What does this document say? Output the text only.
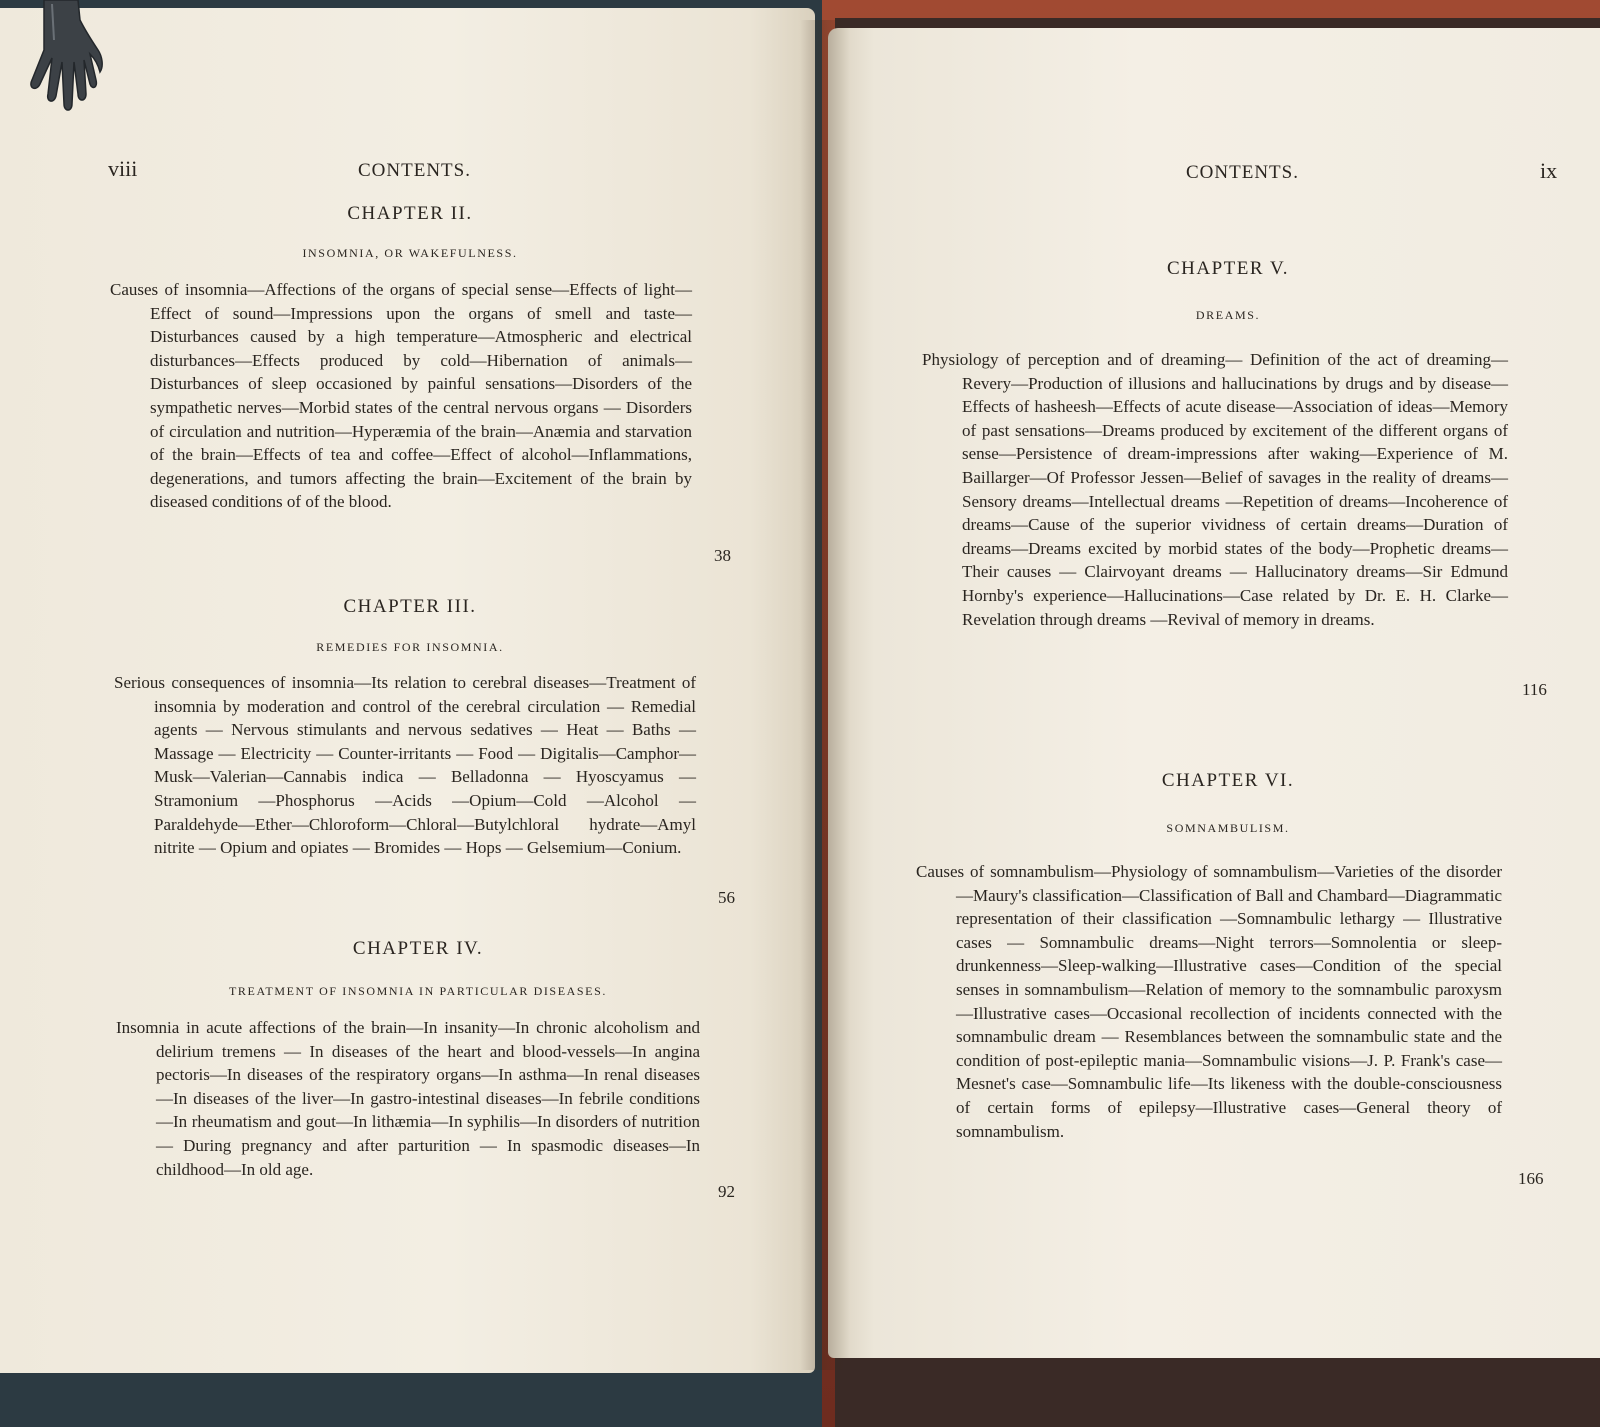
viii	CONTENTS.
CHAPTER II.
INSOMNIA, OR WAKEFULNESS.
Causes of insomnia—Affections of the organs of special sense—Effects of light—Effect of sound—Impressions upon the organs of smell and taste—Disturbances caused by a high temperature—Atmospheric and electrical disturbances—Effects produced by cold—Hibernation of animals—Disturbances of sleep occasioned by painful sensations—Disorders of the sympathetic nerves—Morbid states of the central nervous organs — Disorders of circulation and nutrition—Hyperæmia of the brain—Anæmia and starvation of the brain—Effects of tea and coffee—Effect of alcohol—Inflammations, degenerations, and tumors affecting the brain—Excitement of the brain by diseased conditions of of the blood.
38
CHAPTER III.
REMEDIES FOR INSOMNIA.
Serious consequences of insomnia—Its relation to cerebral diseases—Treatment of insomnia by moderation and control of the cerebral circulation — Remedial agents — Nervous stimulants and nervous sedatives — Heat — Baths — Massage — Electricity — Counter-irritants — Food — Digitalis—Camphor—Musk—Valerian—Cannabis indica — Belladonna — Hyoscyamus — Stramonium —Phosphorus —Acids —Opium—Cold —Alcohol — Paraldehyde—Ether—Chloroform—Chloral—Butylchloral hydrate—Amyl nitrite — Opium and opiates — Bromides — Hops — Gelsemium—Conium.
56
CHAPTER IV.
TREATMENT OF INSOMNIA IN PARTICULAR DISEASES.
Insomnia in acute affections of the brain—In insanity—In chronic alcoholism and delirium tremens — In diseases of the heart and blood-vessels—In angina pectoris—In diseases of the respiratory organs—In asthma—In renal diseases—In diseases of the liver—In gastro-intestinal diseases—In febrile conditions—In rheumatism and gout—In lithæmia—In syphilis—In disorders of nutrition — During pregnancy and after parturition — In spasmodic diseases—In childhood—In old age.
92
CONTENTS.	ix
CHAPTER V.
DREAMS.
Physiology of perception and of dreaming— Definition of the act of dreaming—Revery—Production of illusions and hallucinations by drugs and by disease—Effects of hasheesh—Effects of acute disease—Association of ideas—Memory of past sensations—Dreams produced by excitement of the different organs of sense—Persistence of dream-impressions after waking—Experience of M. Baillarger—Of Professor Jessen—Belief of savages in the reality of dreams—Sensory dreams—Intellectual dreams —Repetition of dreams—Incoherence of dreams—Cause of the superior vividness of certain dreams—Duration of dreams—Dreams excited by morbid states of the body—Prophetic dreams—Their causes — Clairvoyant dreams — Hallucinatory dreams—Sir Edmund Hornby's experience—Hallucinations—Case related by Dr. E. H. Clarke—Revelation through dreams —Revival of memory in dreams.
116
CHAPTER VI.
SOMNAMBULISM.
Causes of somnambulism—Physiology of somnambulism—Varieties of the disorder—Maury's classification—Classification of Ball and Chambard—Diagrammatic representation of their classification —Somnambulic lethargy — Illustrative cases — Somnambulic dreams—Night terrors—Somnolentia or sleep-drunkenness—Sleep-walking—Illustrative cases—Condition of the special senses in somnambulism—Relation of memory to the somnambulic paroxysm—Illustrative cases—Occasional recollection of incidents connected with the somnambulic dream — Resemblances between the somnambulic state and the condition of post-epileptic mania—Somnambulic visions—J. P. Frank's case—Mesnet's case—Somnambulic life—Its likeness with the double-consciousness of certain forms of epilepsy—Illustrative cases—General theory of somnambulism.
166
